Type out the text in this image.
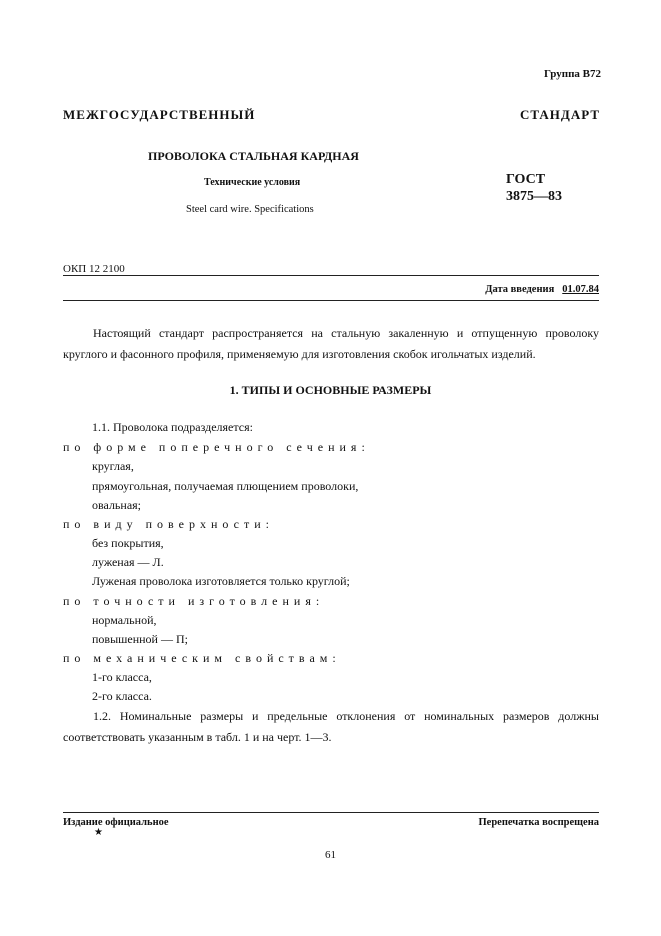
Группа В72
МЕЖГОСУДАРСТВЕННЫЙ СТАНДАРТ
ПРОВОЛОКА СТАЛЬНАЯ КАРДНАЯ
Технические условия
Steel card wire. Specifications
ГОСТ
3875—83
ОКП 12 2100
Дата введения 01.07.84
Настоящий стандарт распространяется на стальную закаленную и отпущенную проволоку круглого и фасонного профиля, применяемую для изготовления скобок игольчатых изделий.
1. ТИПЫ И ОСНОВНЫЕ РАЗМЕРЫ
1.1. Проволока подразделяется:
по форме поперечного сечения:
круглая,
прямоугольная, получаемая плющением проволоки,
овальная;
по виду поверхности:
без покрытия,
луженая — Л.
Луженая проволока изготовляется только круглой;
по точности изготовления:
нормальной,
повышенной — П;
по механическим свойствам:
1-го класса,
2-го класса.
1.2. Номинальные размеры и предельные отклонения от номинальных размеров должны соответствовать указанным в табл. 1 и на черт. 1—3.
Издание официальное
★
Перепечатка воспрещена
61
